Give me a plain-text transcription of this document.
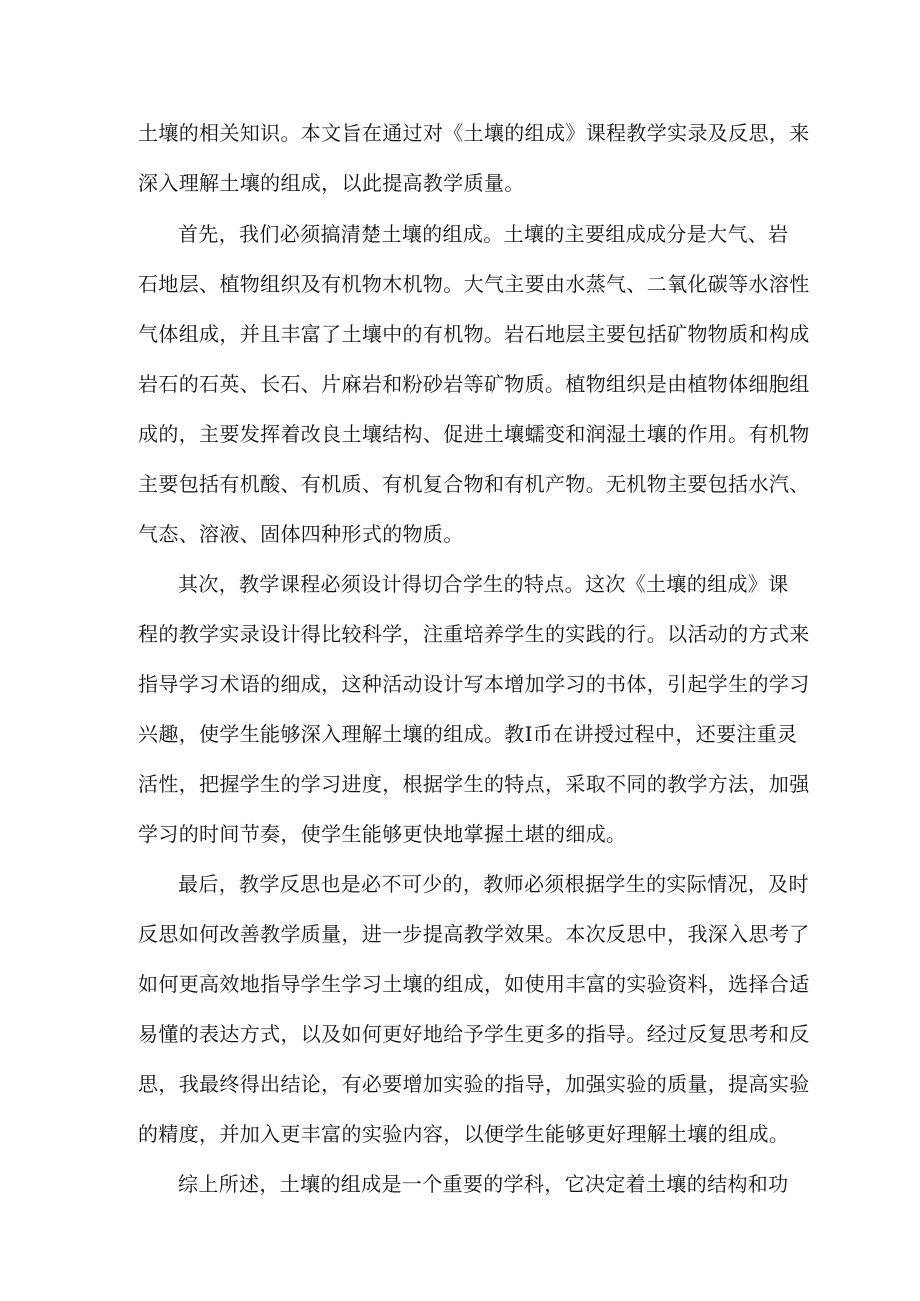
土壤的相关知识。本文旨在通过对《土壤的组成》课程教学实录及反思，来
深入理解土壤的组成，以此提高教学质量。
首先，我们必须搞清楚土壤的组成。土壤的主要组成成分是大气、岩
石地层、植物组织及有机物木机物。大气主要由水蒸气、二氧化碳等水溶性
气体组成，并且丰富了土壤中的有机物。岩石地层主要包括矿物物质和构成
岩石的石英、长石、片麻岩和粉砂岩等矿物质。植物组织是由植物体细胞组
成的，主要发挥着改良土壤结构、促进土壤蠕变和润湿土壤的作用。有机物
主要包括有机酸、有机质、有机复合物和有机产物。无机物主要包括水汽、
气态、溶液、固体四种形式的物质。
其次，教学课程必须设计得切合学生的特点。这次《土壤的组成》课
程的教学实录设计得比较科学，注重培养学生的实践的行。以活动的方式来
指导学习术语的细成，这种活动设计写本增加学习的书体，引起学生的学习
兴趣，使学生能够深入理解土壤的组成。教I币在讲授过程中，还要注重灵
活性，把握学生的学习进度，根据学生的特点，采取不同的教学方法，加强
学习的时间节奏，使学生能够更快地掌握土堪的细成。
最后，教学反思也是必不可少的，教师必须根据学生的实际情况，及时
反思如何改善教学质量，进一步提高教学效果。本次反思中，我深入思考了
如何更高效地指导学生学习土壤的组成，如使用丰富的实验资料，选择合适
易懂的表达方式，以及如何更好地给予学生更多的指导。经过反复思考和反
思，我最终得出结论，有必要增加实验的指导，加强实验的质量，提高实验
的精度，并加入更丰富的实验内容，以便学生能够更好理解土壤的组成。
综上所述，土壤的组成是一个重要的学科，它决定着土壤的结构和功
